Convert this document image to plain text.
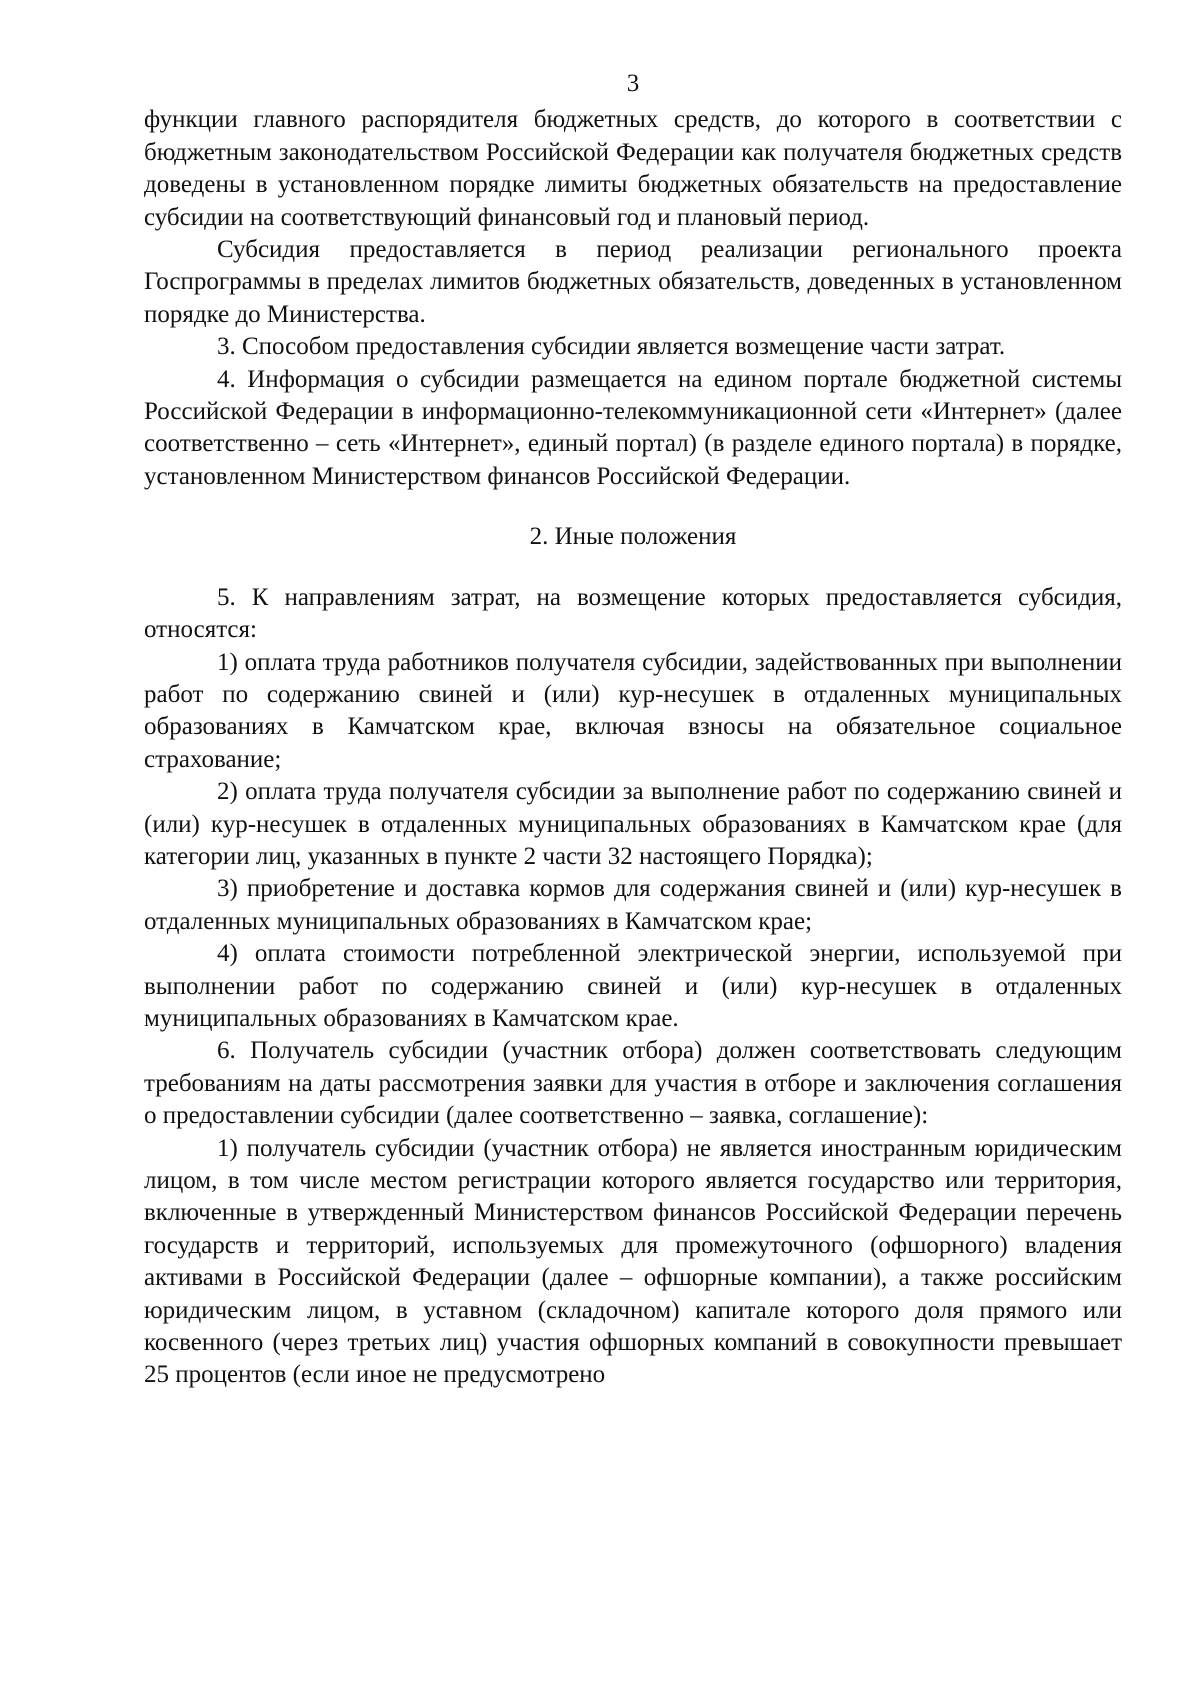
3

функции главного распорядителя бюджетных средств, до которого в соответствии с бюджетным законодательством Российской Федерации как получателя бюджетных средств доведены в установленном порядке лимиты бюджетных обязательств на предоставление субсидии на соответствующий финансовый год и плановый период.

Субсидия предоставляется в период реализации регионального проекта Госпрограммы в пределах лимитов бюджетных обязательств, доведенных в установленном порядке до Министерства.

3. Способом предоставления субсидии является возмещение части затрат.

4. Информация о субсидии размещается на едином портале бюджетной системы Российской Федерации в информационно-телекоммуникационной сети «Интернет» (далее соответственно – сеть «Интернет», единый портал) (в разделе единого портала) в порядке, установленном Министерством финансов Российской Федерации.

2. Иные положения

5. К направлениям затрат, на возмещение которых предоставляется субсидия, относятся:

1) оплата труда работников получателя субсидии, задействованных при выполнении работ по содержанию свиней и (или) кур-несушек в отдаленных муниципальных образованиях в Камчатском крае, включая взносы на обязательное социальное страхование;

2) оплата труда получателя субсидии за выполнение работ по содержанию свиней и (или) кур-несушек в отдаленных муниципальных образованиях в Камчатском крае (для категории лиц, указанных в пункте 2 части 32 настоящего Порядка);

3) приобретение и доставка кормов для содержания свиней и (или) кур-несушек в отдаленных муниципальных образованиях в Камчатском крае;

4) оплата стоимости потребленной электрической энергии, используемой при выполнении работ по содержанию свиней и (или) кур-несушек в отдаленных муниципальных образованиях в Камчатском крае.

6. Получатель субсидии (участник отбора) должен соответствовать следующим требованиям на даты рассмотрения заявки для участия в отборе и заключения соглашения о предоставлении субсидии (далее соответственно – заявка, соглашение):

1) получатель субсидии (участник отбора) не является иностранным юридическим лицом, в том числе местом регистрации которого является государство или территория, включенные в утвержденный Министерством финансов Российской Федерации перечень государств и территорий, используемых для промежуточного (офшорного) владения активами в Российской Федерации (далее – офшорные компании), а также российским юридическим лицом, в уставном (складочном) капитале которого доля прямого или косвенного (через третьих лиц) участия офшорных компаний в совокупности превышает 25 процентов (если иное не предусмотрено
